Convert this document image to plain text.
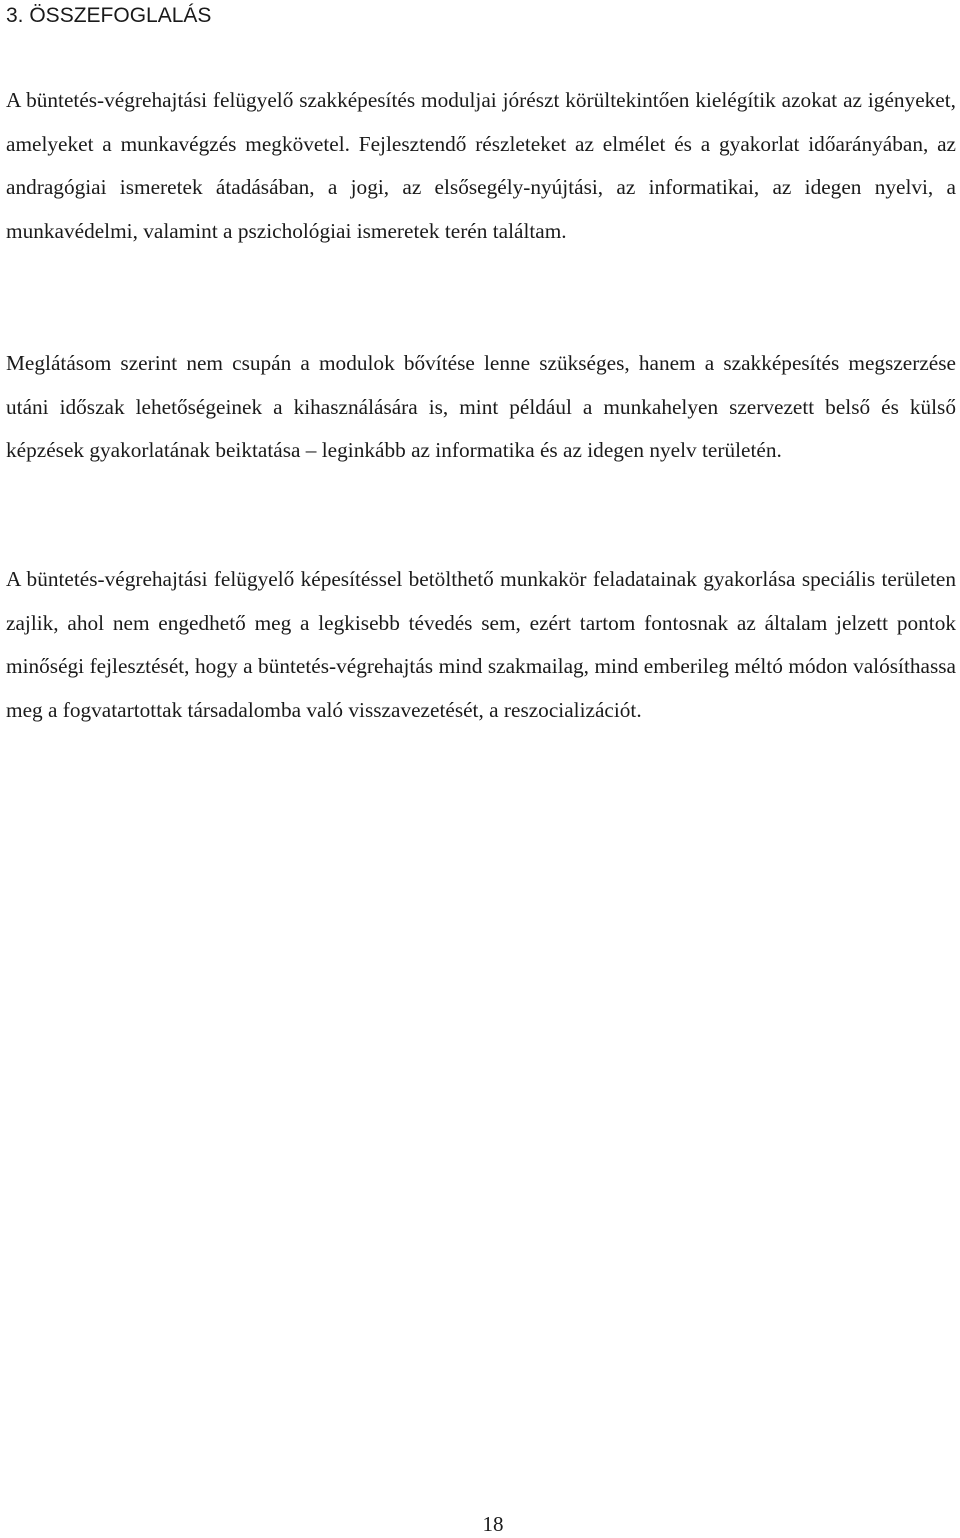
3. ÖSSZEFOGLALÁS

A büntetés-végrehajtási felügyelő szakképesítés moduljai jórészt körültekintően kielégítik azokat az igényeket, amelyeket a munkavégzés megkövetel. Fejlesztendő részleteket az elmélet és a gyakorlat időarányában, az andragógiai ismeretek átadásában, a jogi, az elsősegély-nyújtási, az informatikai, az idegen nyelvi, a munkavédelmi, valamint a pszichológiai ismeretek terén találtam.

Meglátásom szerint nem csupán a modulok bővítése lenne szükséges, hanem a szakképesítés megszerzése utáni időszak lehetőségeinek a kihasználására is, mint például a munkahelyen szervezett belső és külső képzések gyakorlatának beiktatása – leginkább az informatika és az idegen nyelv területén.

A büntetés-végrehajtási felügyelő képesítéssel betölthető munkakör feladatainak gyakorlása speciális területen zajlik, ahol nem engedhető meg a legkisebb tévedés sem, ezért tartom fontosnak az általam jelzett pontok minőségi fejlesztését, hogy a büntetés-végrehajtás mind szakmailag, mind emberileg méltó módon valósíthassa meg a fogvatartottak társadalomba való visszavezetését, a reszocializációt.

18
